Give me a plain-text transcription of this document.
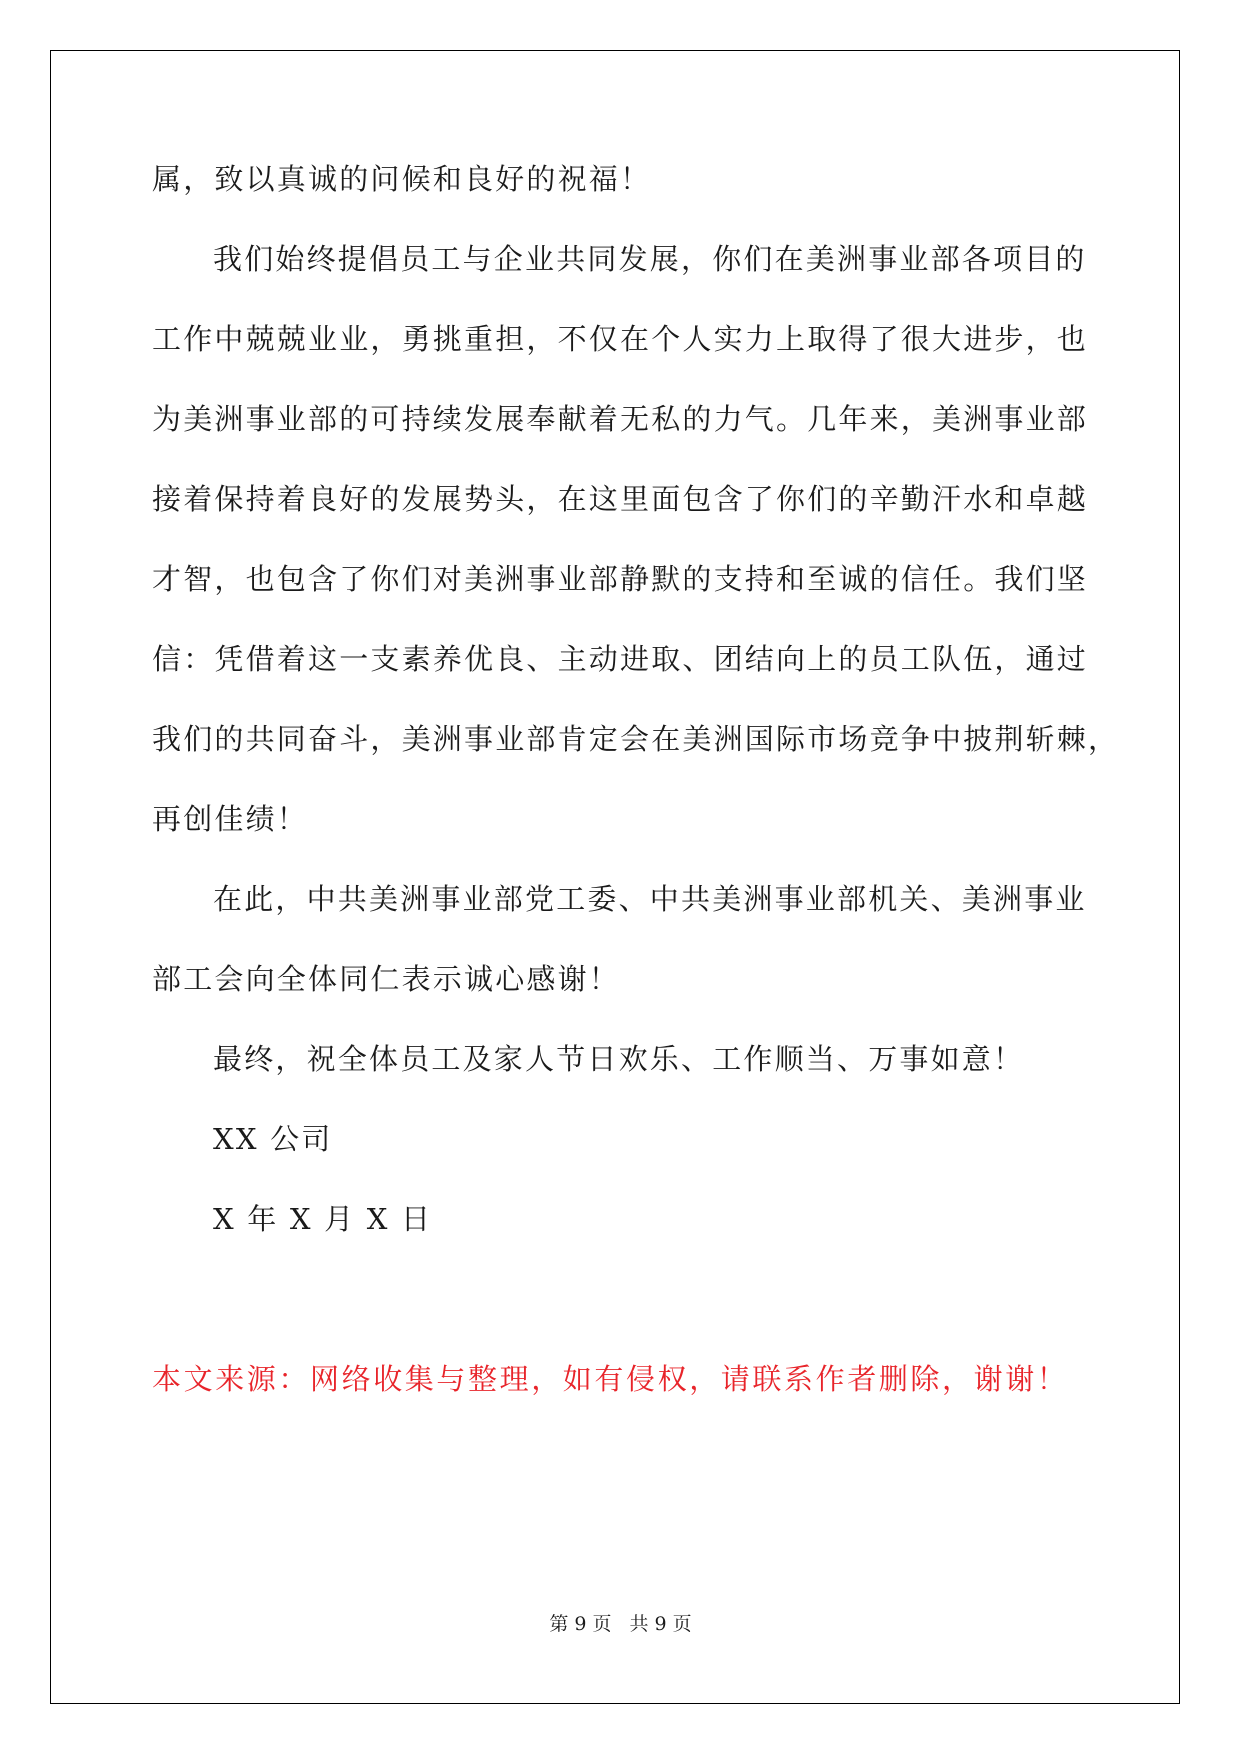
属，致以真诚的问候和良好的祝福！
我们始终提倡员工与企业共同发展，你们在美洲事业部各项目的
工作中兢兢业业，勇挑重担，不仅在个人实力上取得了很大进步，也
为美洲事业部的可持续发展奉献着无私的力气。几年来，美洲事业部
接着保持着良好的发展势头，在这里面包含了你们的辛勤汗水和卓越
才智，也包含了你们对美洲事业部静默的支持和至诚的信任。我们坚
信：凭借着这一支素养优良、主动进取、团结向上的员工队伍，通过
我们的共同奋斗，美洲事业部肯定会在美洲国际市场竞争中披荆斩棘，
再创佳绩！
在此，中共美洲事业部党工委、中共美洲事业部机关、美洲事业
部工会向全体同仁表示诚心感谢！
最终，祝全体员工及家人节日欢乐、工作顺当、万事如意！
XX 公司
X 年 X 月 X 日
本文来源：网络收集与整理，如有侵权，请联系作者删除，谢谢！
第 9 页 共 9 页
